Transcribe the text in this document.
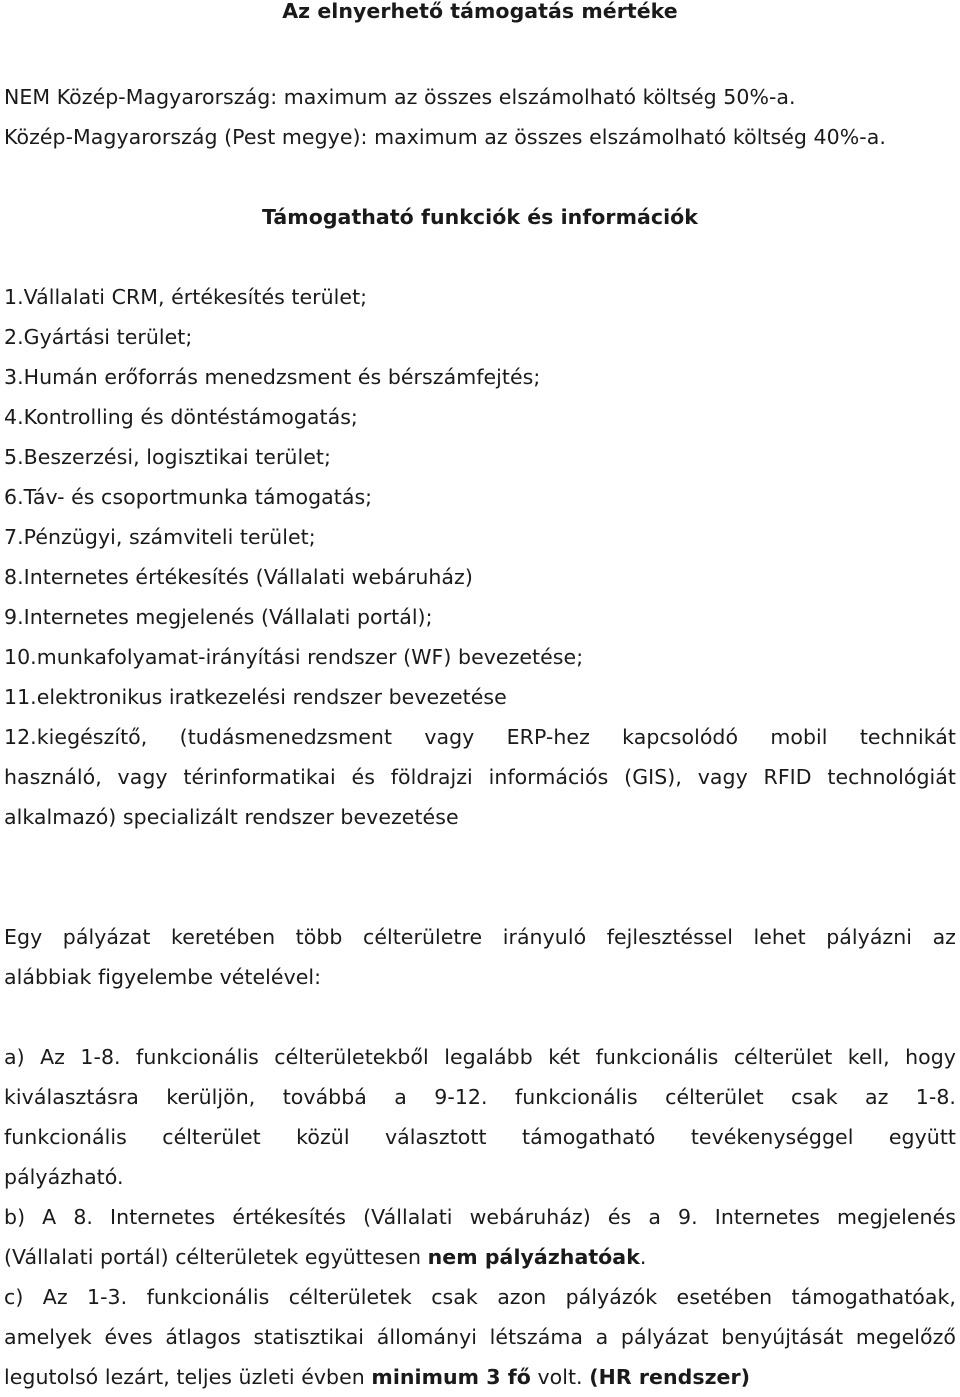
Az elnyerhető támogatás mértéke
NEM Közép-Magyarország: maximum az összes elszámolható költség 50%-a.
Közép-Magyarország (Pest megye): maximum az összes elszámolható költség 40%-a.
Támogatható funkciók és információk
1.Vállalati CRM, értékesítés terület;
2.Gyártási terület;
3.Humán erőforrás menedzsment és bérszámfejtés;
4.Kontrolling és döntéstámogatás;
5.Beszerzési, logisztikai terület;
6.Táv- és csoportmunka támogatás;
7.Pénzügyi, számviteli terület;
8.Internetes értékesítés (Vállalati webáruház)
9.Internetes megjelenés (Vállalati portál);
10.munkafolyamat-irányítási rendszer (WF) bevezetése;
11.elektronikus iratkezelési rendszer bevezetése
12.kiegészítő, (tudásmenedzsment vagy ERP-hez kapcsolódó mobil technikát
használó, vagy térinformatikai és földrajzi információs (GIS), vagy RFID technológiát
alkalmazó) specializált rendszer bevezetése
Egy pályázat keretében több célterületre irányuló fejlesztéssel lehet pályázni az
alábbiak figyelembe vételével:
a) Az 1-8. funkcionális célterületekből legalább két funkcionális célterület kell, hogy
kiválasztásra kerüljön, továbbá a 9-12. funkcionális célterület csak az 1-8.
funkcionális célterület közül választott támogatható tevékenységgel együtt
pályázható.
b) A 8. Internetes értékesítés (Vállalati webáruház) és a 9. Internetes megjelenés
(Vállalati portál) célterületek együttesen nem pályázhatóak.
c) Az 1-3. funkcionális célterületek csak azon pályázók esetében támogathatóak,
amelyek éves átlagos statisztikai állományi létszáma a pályázat benyújtását megelőző
legutolsó lezárt, teljes üzleti évben minimum 3 fő volt. (HR rendszer)
